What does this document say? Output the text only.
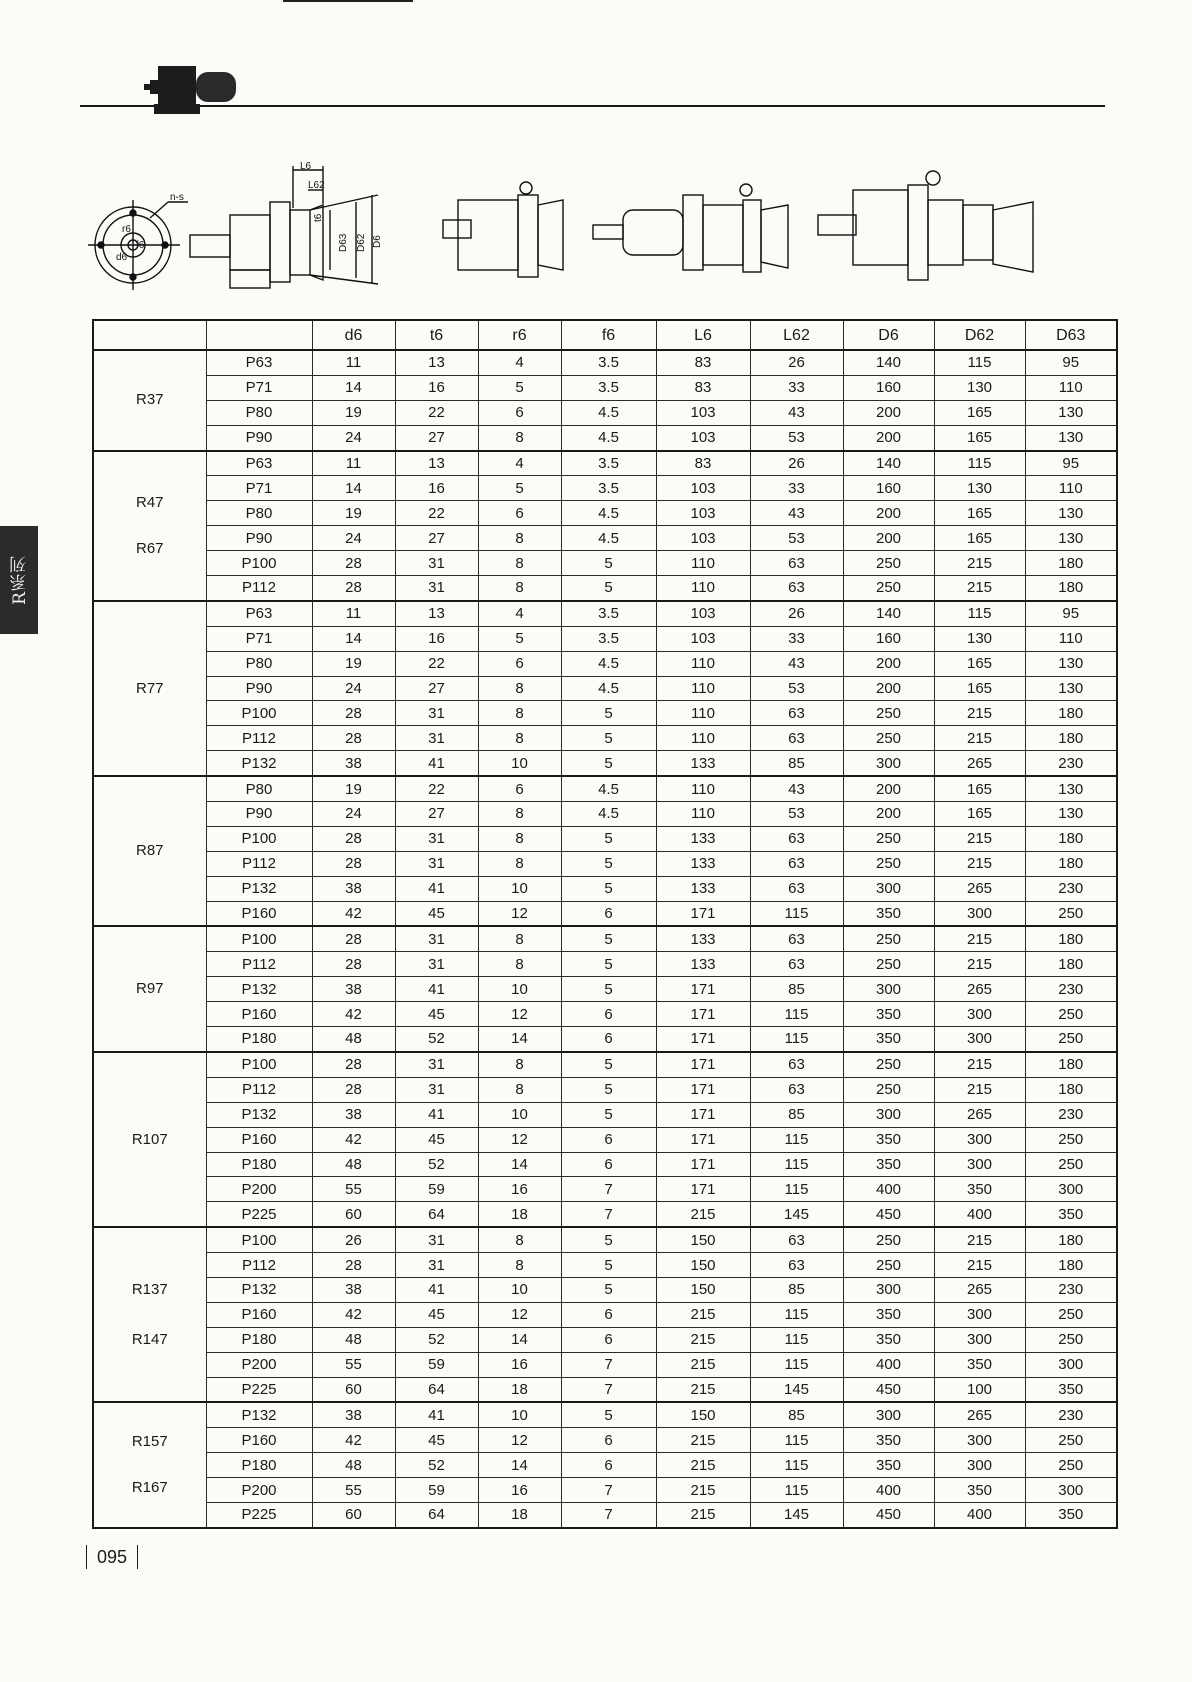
R系列
n-s
r6
f6
d6
L6
L62
t6
D63 D62 D6
		d6	t6	r6	f6	L6	L62	D6	D62	D63

R37	P63	11	13	4	3.5	83	26	140	115	95
	P71	14	16	5	3.5	83	33	160	130	110
	P80	19	22	6	4.5	103	43	200	165	130
	P90	24	27	8	4.5	103	53	200	165	130

R47
R67	P63	11	13	4	3.5	83	26	140	115	95
	P71	14	16	5	3.5	103	33	160	130	110
	P80	19	22	6	4.5	103	43	200	165	130
	P90	24	27	8	4.5	103	53	200	165	130
	P100	28	31	8	5	110	63	250	215	180
	P112	28	31	8	5	110	63	250	215	180

R77	P63	11	13	4	3.5	103	26	140	115	95
	P71	14	16	5	3.5	103	33	160	130	110
	P80	19	22	6	4.5	110	43	200	165	130
	P90	24	27	8	4.5	110	53	200	165	130
	P100	28	31	8	5	110	63	250	215	180
	P112	28	31	8	5	110	63	250	215	180
	P132	38	41	10	5	133	85	300	265	230

R87	P80	19	22	6	4.5	110	43	200	165	130
	P90	24	27	8	4.5	110	53	200	165	130
	P100	28	31	8	5	133	63	250	215	180
	P112	28	31	8	5	133	63	250	215	180
	P132	38	41	10	5	133	63	300	265	230
	P160	42	45	12	6	171	115	350	300	250

R97	P100	28	31	8	5	133	63	250	215	180
	P112	28	31	8	5	133	63	250	215	180
	P132	38	41	10	5	171	85	300	265	230
	P160	42	45	12	6	171	115	350	300	250
	P180	48	52	14	6	171	115	350	300	250

R107	P100	28	31	8	5	171	63	250	215	180
	P112	28	31	8	5	171	63	250	215	180
	P132	38	41	10	5	171	85	300	265	230
	P160	42	45	12	6	171	115	350	300	250
	P180	48	52	14	6	171	115	350	300	250
	P200	55	59	16	7	171	115	400	350	300
	P225	60	64	18	7	215	145	450	400	350

R137
R147	P100	26	31	8	5	150	63	250	215	180
	P112	28	31	8	5	150	63	250	215	180
	P132	38	41	10	5	150	85	300	265	230
	P160	42	45	12	6	215	115	350	300	250
	P180	48	52	14	6	215	115	350	300	250
	P200	55	59	16	7	215	115	400	350	300
	P225	60	64	18	7	215	145	450	100	350

R157
R167	P132	38	41	10	5	150	85	300	265	230
	P160	42	45	12	6	215	115	350	300	250
	P180	48	52	14	6	215	115	350	300	250
	P200	55	59	16	7	215	115	400	350	300
	P225	60	64	18	7	215	145	450	400	350
095
